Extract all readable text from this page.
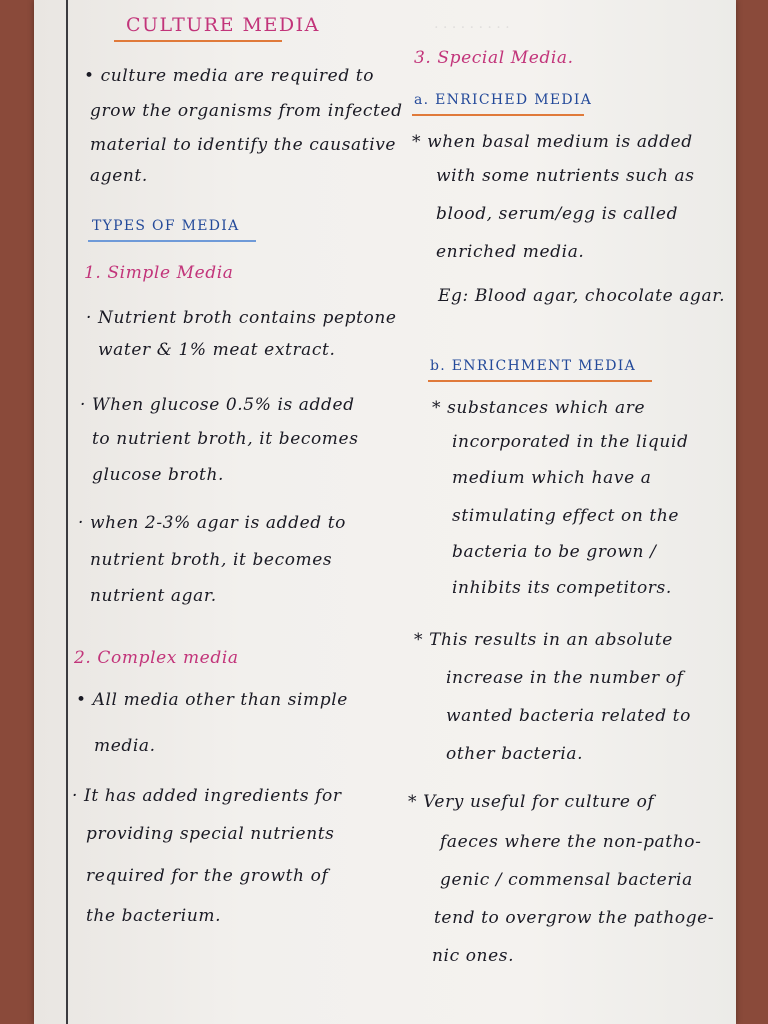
· · · · · · · · ·
CULTURE MEDIA
• culture media are required to
grow the organisms from infected
material to identify the causative
agent.
TYPES OF MEDIA
1. Simple Media
· Nutrient broth contains peptone
water & 1% meat extract.
· When glucose 0.5% is added
to nutrient broth, it becomes
glucose broth.
· when 2-3% agar is added to
nutrient broth, it becomes
nutrient agar.
2. Complex media
• All media other than simple
media.
· It has added ingredients for
providing special nutrients
required for the growth of
the bacterium.
3. Special Media.
a. ENRICHED MEDIA
* when basal medium is added
with some nutrients such as
blood, serum/egg is called
enriched media.
Eg: Blood agar, chocolate agar.
b. ENRICHMENT MEDIA
* substances which are
incorporated in the liquid
medium which have a
stimulating effect on the
bacteria to be grown /
inhibits its competitors.
* This results in an absolute
increase in the number of
wanted bacteria related to
other bacteria.
* Very useful for culture of
faeces where the non-patho-
genic / commensal bacteria
tend to overgrow the pathoge-
nic ones.
